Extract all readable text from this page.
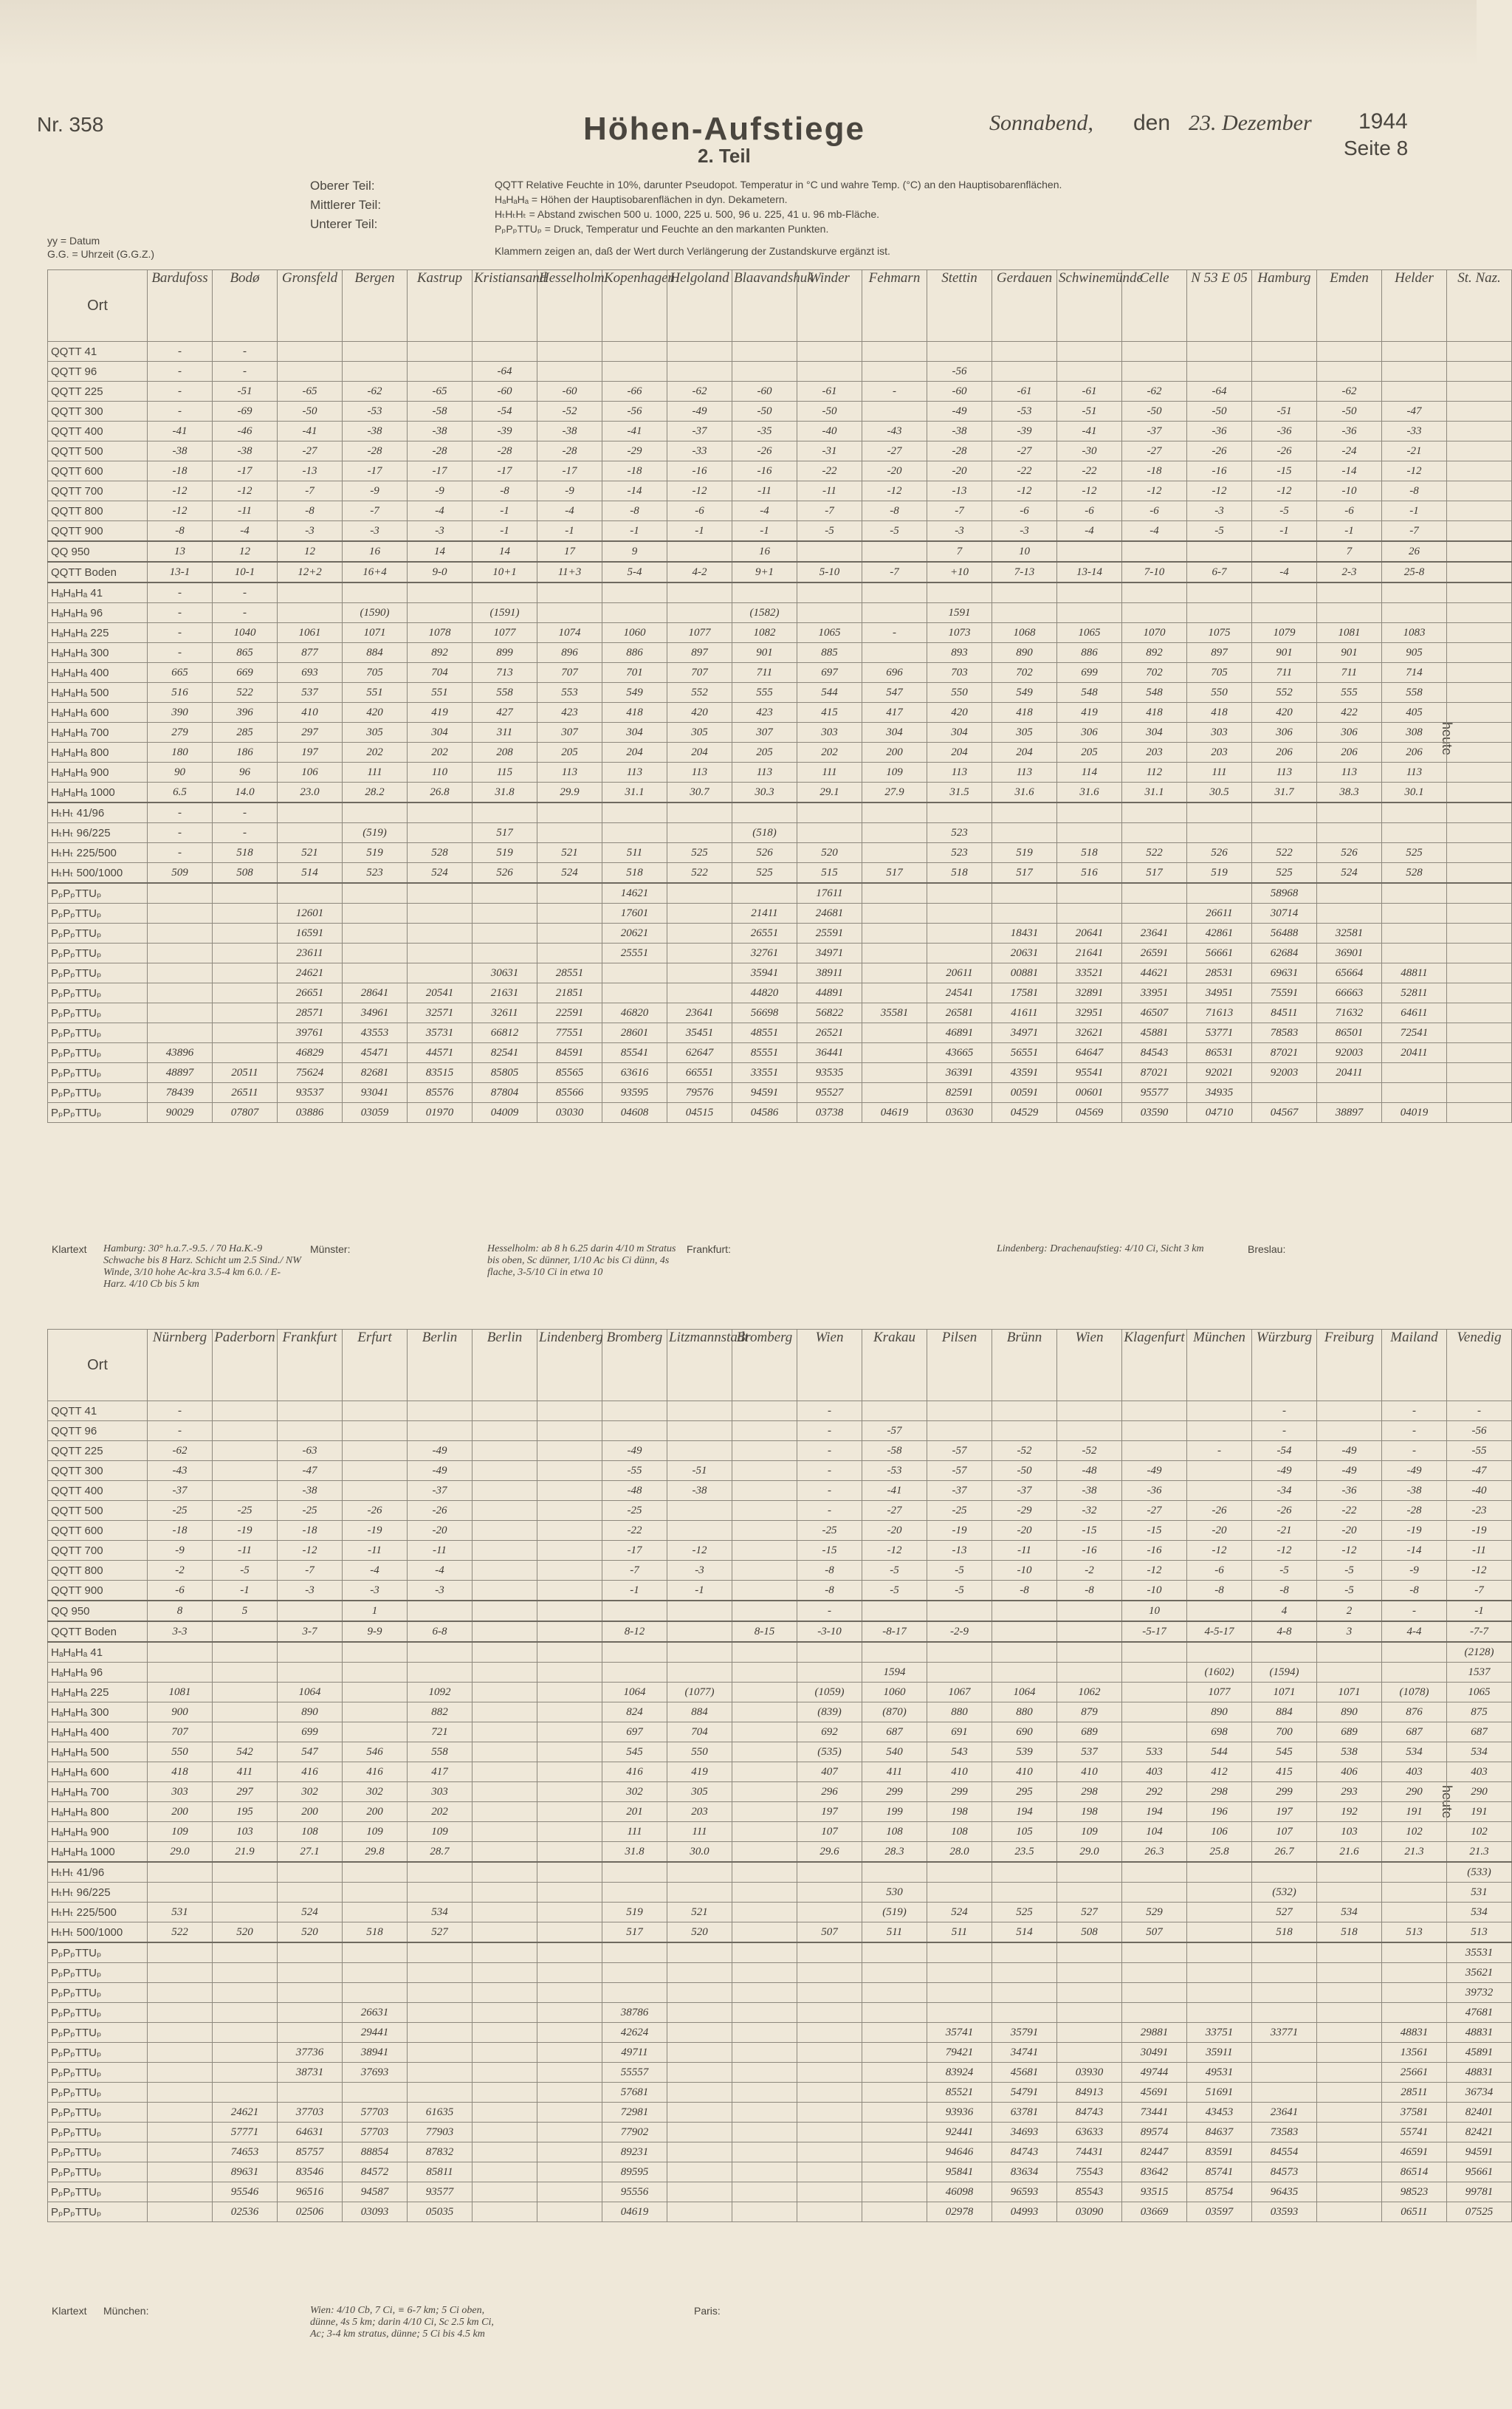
Nr. 358	Höhen-Aufstiege
2. Teil
Sonnabend, den 23. Dezember 1944
Seite 8
Oberer Teil:
Mittlerer Teil:
Unterer Teil:
QQTT Relative Feuchte in 10%, darunter Pseudopot. Temperatur in °C und wahre Temp. (°C) an den Hauptisobarenflächen.
HₐHₐHₐ = Höhen der Hauptisobarenflächen in dyn. Dekametern.
HₜHₜHₜ = Abstand zwischen 500 u. 1000, 225 u. 500, 96 u. 225, 41 u. 96 mb-Fläche.
PₚPₚTTUₚ = Druck, Temperatur und Feuchte an den markanten Punkten.
Klammern zeigen an, daß der Wert durch Verlängerung der Zustandskurve ergänzt ist.
yy = Datum
G.G. = Uhrzeit (G.G.Z.)
heute
heute
Ort	Bardufoss	Bodø	Gronsfeld	Bergen	Kastrup	Kristiansand	Hesselholm	Kopenhagen	Helgoland	Blaavandshuk	Winder	Fehmarn	Stettin	Gerdauen	Schwinemünde	Celle	N 53 E 05	Hamburg	Emden	Helder	St. Naz.

QQTT 41	-	-																			
QQTT 96	-	-				-64							-56								
QQTT 225	-	-51	-65	-62	-65	-60	-60	-66	-62	-60	-61	-	-60	-61	-61	-62	-64		-62		
QQTT 300	-	-69	-50	-53	-58	-54	-52	-56	-49	-50	-50		-49	-53	-51	-50	-50	-51	-50	-47	
QQTT 400	-41	-46	-41	-38	-38	-39	-38	-41	-37	-35	-40	-43	-38	-39	-41	-37	-36	-36	-36	-33	
QQTT 500	-38	-38	-27	-28	-28	-28	-28	-29	-33	-26	-31	-27	-28	-27	-30	-27	-26	-26	-24	-21	
QQTT 600	-18	-17	-13	-17	-17	-17	-17	-18	-16	-16	-22	-20	-20	-22	-22	-18	-16	-15	-14	-12	
QQTT 700	-12	-12	-7	-9	-9	-8	-9	-14	-12	-11	-11	-12	-13	-12	-12	-12	-12	-12	-10	-8	
QQTT 800	-12	-11	-8	-7	-4	-1	-4	-8	-6	-4	-7	-8	-7	-6	-6	-6	-3	-5	-6	-1	
QQTT 900	-8	-4	-3	-3	-3	-1	-1	-1	-1	-1	-5	-5	-3	-3	-4	-4	-5	-1	-1	-7	
QQ 950	13	12	12	16	14	14	17	9		16			7	10					7	26	
QQTT Boden	13-1	10-1	12+2	16+4	9-0	10+1	11+3	5-4	4-2	9+1	5-10	-7	+10	7-13	13-14	7-10	6-7	-4	2-3	25-8	
HₐHₐHₐ 41	-	-																			
HₐHₐHₐ 96	-	-		(1590)		(1591)				(1582)			1591								
HₐHₐHₐ 225	-	1040	1061	1071	1078	1077	1074	1060	1077	1082	1065	-	1073	1068	1065	1070	1075	1079	1081	1083	
HₐHₐHₐ 300	-	865	877	884	892	899	896	886	897	901	885		893	890	886	892	897	901	901	905	
HₐHₐHₐ 400	665	669	693	705	704	713	707	701	707	711	697	696	703	702	699	702	705	711	711	714	
HₐHₐHₐ 500	516	522	537	551	551	558	553	549	552	555	544	547	550	549	548	548	550	552	555	558	
HₐHₐHₐ 600	390	396	410	420	419	427	423	418	420	423	415	417	420	418	419	418	418	420	422	405	
HₐHₐHₐ 700	279	285	297	305	304	311	307	304	305	307	303	304	304	305	306	304	303	306	306	308	
HₐHₐHₐ 800	180	186	197	202	202	208	205	204	204	205	202	200	204	204	205	203	203	206	206	206	
HₐHₐHₐ 900	90	96	106	111	110	115	113	113	113	113	111	109	113	113	114	112	111	113	113	113	
HₐHₐHₐ 1000	6.5	14.0	23.0	28.2	26.8	31.8	29.9	31.1	30.7	30.3	29.1	27.9	31.5	31.6	31.6	31.1	30.5	31.7	38.3	30.1	
HₜHₜ 41/96	-	-																			
HₜHₜ 96/225	-	-		(519)		517				(518)			523								
HₜHₜ 225/500	-	518	521	519	528	519	521	511	525	526	520		523	519	518	522	526	522	526	525	
HₜHₜ 500/1000	509	508	514	523	524	526	524	518	522	525	515	517	518	517	516	517	519	525	524	528	
PₚPₚTTUₚ								14621			17611							58968			
PₚPₚTTUₚ			12601					17601		21411	24681						26611	30714			
PₚPₚTTUₚ			16591					20621		26551	25591			18431	20641	23641	42861	56488	32581		
PₚPₚTTUₚ			23611					25551		32761	34971			20631	21641	26591	56661	62684	36901		
PₚPₚTTUₚ			24621			30631	28551			35941	38911		20611	00881	33521	44621	28531	69631	65664	48811	
PₚPₚTTUₚ			26651	28641	20541	21631	21851			44820	44891		24541	17581	32891	33951	34951	75591	66663	52811	
PₚPₚTTUₚ			28571	34961	32571	32611	22591	46820	23641	56698	56822	35581	26581	41611	32951	46507	71613	84511	71632	64611	
PₚPₚTTUₚ			39761	43553	35731	66812	77551	28601	35451	48551	26521		46891	34971	32621	45881	53771	78583	86501	72541	
PₚPₚTTUₚ	43896		46829	45471	44571	82541	84591	85541	62647	85551	36441		43665	56551	64647	84543	86531	87021	92003	20411	
PₚPₚTTUₚ	48897	20511	75624	82681	83515	85805	85565	63616	66551	33551	93535		36391	43591	95541	87021	92021	92003	20411		
PₚPₚTTUₚ	78439	26511	93537	93041	85576	87804	85566	93595	79576	94591	95527		82591	00591	00601	95577	34935				
PₚPₚTTUₚ	90029	07807	03886	03059	01970	04009	03030	04608	04515	04586	03738	04619	03630	04529	04569	03590	04710	04567	38897	04019	
Klartext	Hamburg: 30° h.a.7.-9.5. / 70 Ha.K.-9 Schwache bis 8 Harz. Schicht um 2.5 Sind./ NW Winde, 3/10 hohe Ac-kra 3.5-4 km 6.0. / E-Harz. 4/10 Cb bis 5 km
Münster:	Hesselholm: ab 8 h 6.25 darin 4/10 m Stratus bis oben, Sc dünner, 1/10 Ac bis Ci dünn, 4s flache, 3-5/10 Ci in etwa 10
Frankfurt:	Lindenberg: Drachenaufstieg: 4/10 Ci, Sicht 3 km	Breslau:
Ort	Nürnberg	Paderborn	Frankfurt	Erfurt	Berlin	Berlin	Lindenberg	Bromberg	Litzmannstadt	Bromberg	Wien	Krakau	Pilsen	Brünn	Wien	Klagenfurt	München	Würzburg	Freiburg	Mailand	Venedig

QQTT 41	-										-							-		-	-
QQTT 96	-										-	-57						-		-	-56
QQTT 225	-62		-63		-49			-49			-	-58	-57	-52	-52		-	-54	-49	-	-55
QQTT 300	-43		-47		-49			-55	-51		-	-53	-57	-50	-48	-49		-49	-49	-49	-47
QQTT 400	-37		-38		-37			-48	-38		-	-41	-37	-37	-38	-36		-34	-36	-38	-40
QQTT 500	-25	-25	-25	-26	-26			-25			-	-27	-25	-29	-32	-27	-26	-26	-22	-28	-23
QQTT 600	-18	-19	-18	-19	-20			-22			-25	-20	-19	-20	-15	-15	-20	-21	-20	-19	-19
QQTT 700	-9	-11	-12	-11	-11			-17	-12		-15	-12	-13	-11	-16	-16	-12	-12	-12	-14	-11
QQTT 800	-2	-5	-7	-4	-4			-7	-3		-8	-5	-5	-10	-2	-12	-6	-5	-5	-9	-12
QQTT 900	-6	-1	-3	-3	-3			-1	-1		-8	-5	-5	-8	-8	-10	-8	-8	-5	-8	-7
QQ 950	8	5		1							-					10		4	2	-	-1
QQTT Boden	3-3		3-7	9-9	6-8			8-12		8-15	-3-10	-8-17	-2-9			-5-17	4-5-17	4-8	3	4-4	-7-7
HₐHₐHₐ 41																					(2128)
HₐHₐHₐ 96												1594					(1602)	(1594)			1537
HₐHₐHₐ 225	1081		1064		1092			1064	(1077)		(1059)	1060	1067	1064	1062		1077	1071	1071	(1078)	1065
HₐHₐHₐ 300	900		890		882			824	884		(839)	(870)	880	880	879		890	884	890	876	875
HₐHₐHₐ 400	707		699		721			697	704		692	687	691	690	689		698	700	689	687	687
HₐHₐHₐ 500	550	542	547	546	558			545	550		(535)	540	543	539	537	533	544	545	538	534	534
HₐHₐHₐ 600	418	411	416	416	417			416	419		407	411	410	410	410	403	412	415	406	403	403
HₐHₐHₐ 700	303	297	302	302	303			302	305		296	299	299	295	298	292	298	299	293	290	290
HₐHₐHₐ 800	200	195	200	200	202			201	203		197	199	198	194	198	194	196	197	192	191	191
HₐHₐHₐ 900	109	103	108	109	109			111	111		107	108	108	105	109	104	106	107	103	102	102
HₐHₐHₐ 1000	29.0	21.9	27.1	29.8	28.7			31.8	30.0		29.6	28.3	28.0	23.5	29.0	26.3	25.8	26.7	21.6	21.3	21.3
HₜHₜ 41/96																					(533)
HₜHₜ 96/225												530						(532)			531
HₜHₜ 225/500	531		524		534			519	521			(519)	524	525	527	529		527	534		534
HₜHₜ 500/1000	522	520	520	518	527			517	520		507	511	511	514	508	507		518	518	513	513
PₚPₚTTUₚ																					35531
PₚPₚTTUₚ																					35621
PₚPₚTTUₚ																					39732
PₚPₚTTUₚ				26631				38786													47681
PₚPₚTTUₚ				29441				42624					35741	35791		29881	33751	33771		48831	48831
PₚPₚTTUₚ			37736	38941				49711					79421	34741		30491	35911			13561	45891
PₚPₚTTUₚ			38731	37693				55557					83924	45681	03930	49744	49531			25661	48831
PₚPₚTTUₚ								57681					85521	54791	84913	45691	51691			28511	36734
PₚPₚTTUₚ		24621	37703	57703	61635			72981					93936	63781	84743	73441	43453	23641		37581	82401
PₚPₚTTUₚ		57771	64631	57703	77903			77902					92441	34693	63633	89574	84637	73583		55741	82421
PₚPₚTTUₚ		74653	85757	88854	87832			89231					94646	84743	74431	82447	83591	84554		46591	94591
PₚPₚTTUₚ		89631	83546	84572	85811			89595					95841	83634	75543	83642	85741	84573		86514	95661
PₚPₚTTUₚ		95546	96516	94587	93577			95556					46098	96593	85543	93515	85754	96435		98523	99781
PₚPₚTTUₚ		02536	02506	03093	05035			04619					02978	04993	03090	03669	03597	03593		06511	07525
Klartext	München:	Wien: 4/10 Cb, 7 Ci, ≡ 6-7 km; 5 Ci oben, dünne, 4s 5 km; darin 4/10 Ci, Sc 2.5 km Ci, Ac; 3-4 km stratus, dünne; 5 Ci bis 4.5 km
Paris:
